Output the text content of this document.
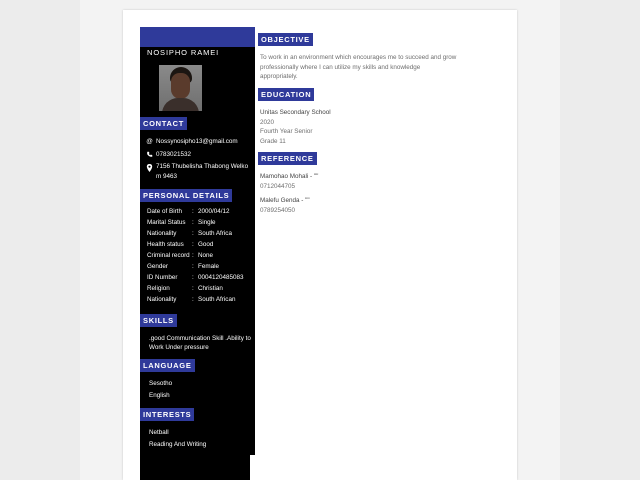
NOSIPHO RAMEI
CONTACT
@ Nossynosipho13@gmail.com
0783021532
7156 Thubelisha Thabong Welko
m 9463
PERSONAL DETAILS
Date of Birth : 2000/04/12
Marital Status : Single
Nationality : South Africa
Health status : Good
Criminal record : None
Gender	: Female
ID Number : 0004120485083
Religion	: Christian
Nationality : South African
SKILLS
.good Communication Skill .Ability to
Work Under pressure
LANGUAGE
Sesotho
English
INTERESTS
Netball
Reading And Writing
OBJECTIVE
To work in an environment which encourages me to succeed and grow
professionally where I can utilize my skills and knowledge
appropriately.
EDUCATION
Unitas Secondary School
2020
Fourth Year Senior
Grade 11
REFERENCE
Mamohao Mohali - ""
0712044705
Malefu Genda - ""
0789254050
